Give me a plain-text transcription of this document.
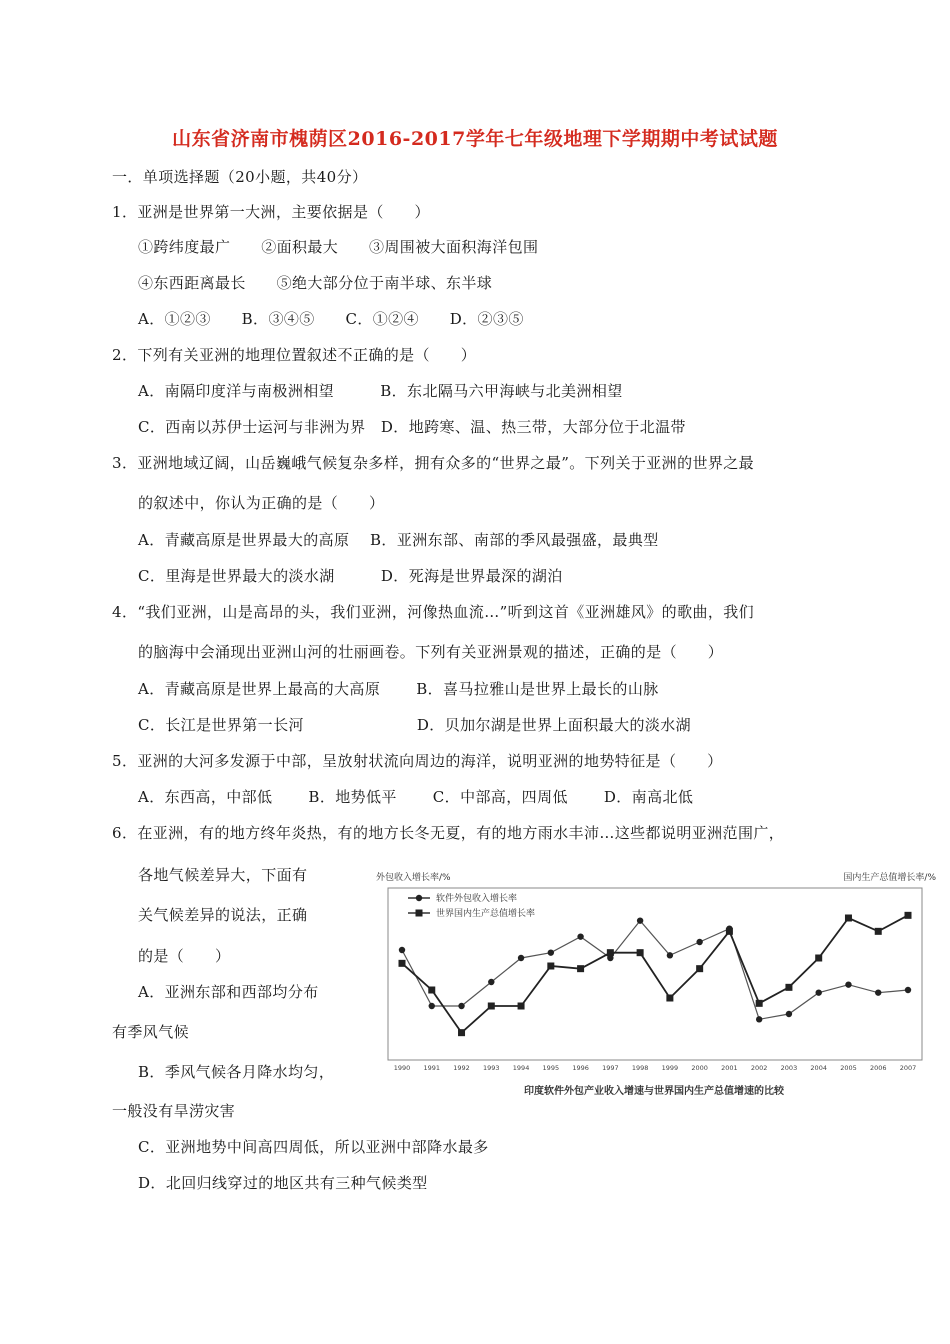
山东省济南市槐荫区2016-2017学年七年级地理下学期期中考试试题
一．单项选择题（20小题，共40分）
1．亚洲是世界第一大洲，主要依据是（　　）
①跨纬度最广　　②面积最大　　③周围被大面积海洋包围
④东西距离最长　　⑤绝大部分位于南半球、东半球
A．①②③　　B．③④⑤　　C．①②④　　D．②③⑤
2．下列有关亚洲的地理位置叙述不正确的是（　　）
A．南隔印度洋与南极洲相望　　　B．东北隔马六甲海峡与北美洲相望
C．西南以苏伊士运河与非洲为界　D．地跨寒、温、热三带，大部分位于北温带
3．亚洲地域辽阔，山岳巍峨气候复杂多样，拥有众多的“世界之最”。下列关于亚洲的世界之最
的叙述中，你认为正确的是（　　）
A．青藏高原是世界最大的高原　 B．亚洲东部、南部的季风最强盛，最典型
C．里海是世界最大的淡水湖　　　D．死海是世界最深的湖泊
4．“我们亚洲，山是高昂的头，我们亚洲，河像热血流…”听到这首《亚洲雄风》的歌曲，我们
的脑海中会涌现出亚洲山河的壮丽画卷。下列有关亚洲景观的描述，正确的是（　　）
A．青藏高原是世界上最高的大高原　　 B．喜马拉雅山是世界上最长的山脉
C．长江是世界第一长河　　　　　　　 D．贝加尔湖是世界上面积最大的淡水湖
5．亚洲的大河多发源于中部，呈放射状流向周边的海洋，说明亚洲的地势特征是（　　）
A．东西高，中部低　　 B．地势低平　　 C．中部高，四周低　　 D．南高北低
6．在亚洲，有的地方终年炎热，有的地方长冬无夏，有的地方雨水丰沛…这些都说明亚洲范围广，
各地气候差异大，下面有
关气候差异的说法，正确
的是（　　）
A．亚洲东部和西部均分布
有季风气候
B．季风气候各月降水均匀，
一般没有旱涝灾害
C．亚洲地势中间高四周低，所以亚洲中部降水最多
D．北回归线穿过的地区共有三种气候类型
外包收入增长率/%	国内生产总值增长率/%
软件外包收入增长率
世界国内生产总值增长率
1990 1991 1992 1993 1994 1995 1996 1997 1998 1999 2000 2001 2002 2003 2004 2005 2006 2007
印度软件外包产业收入增速与世界国内生产总值增速的比较
